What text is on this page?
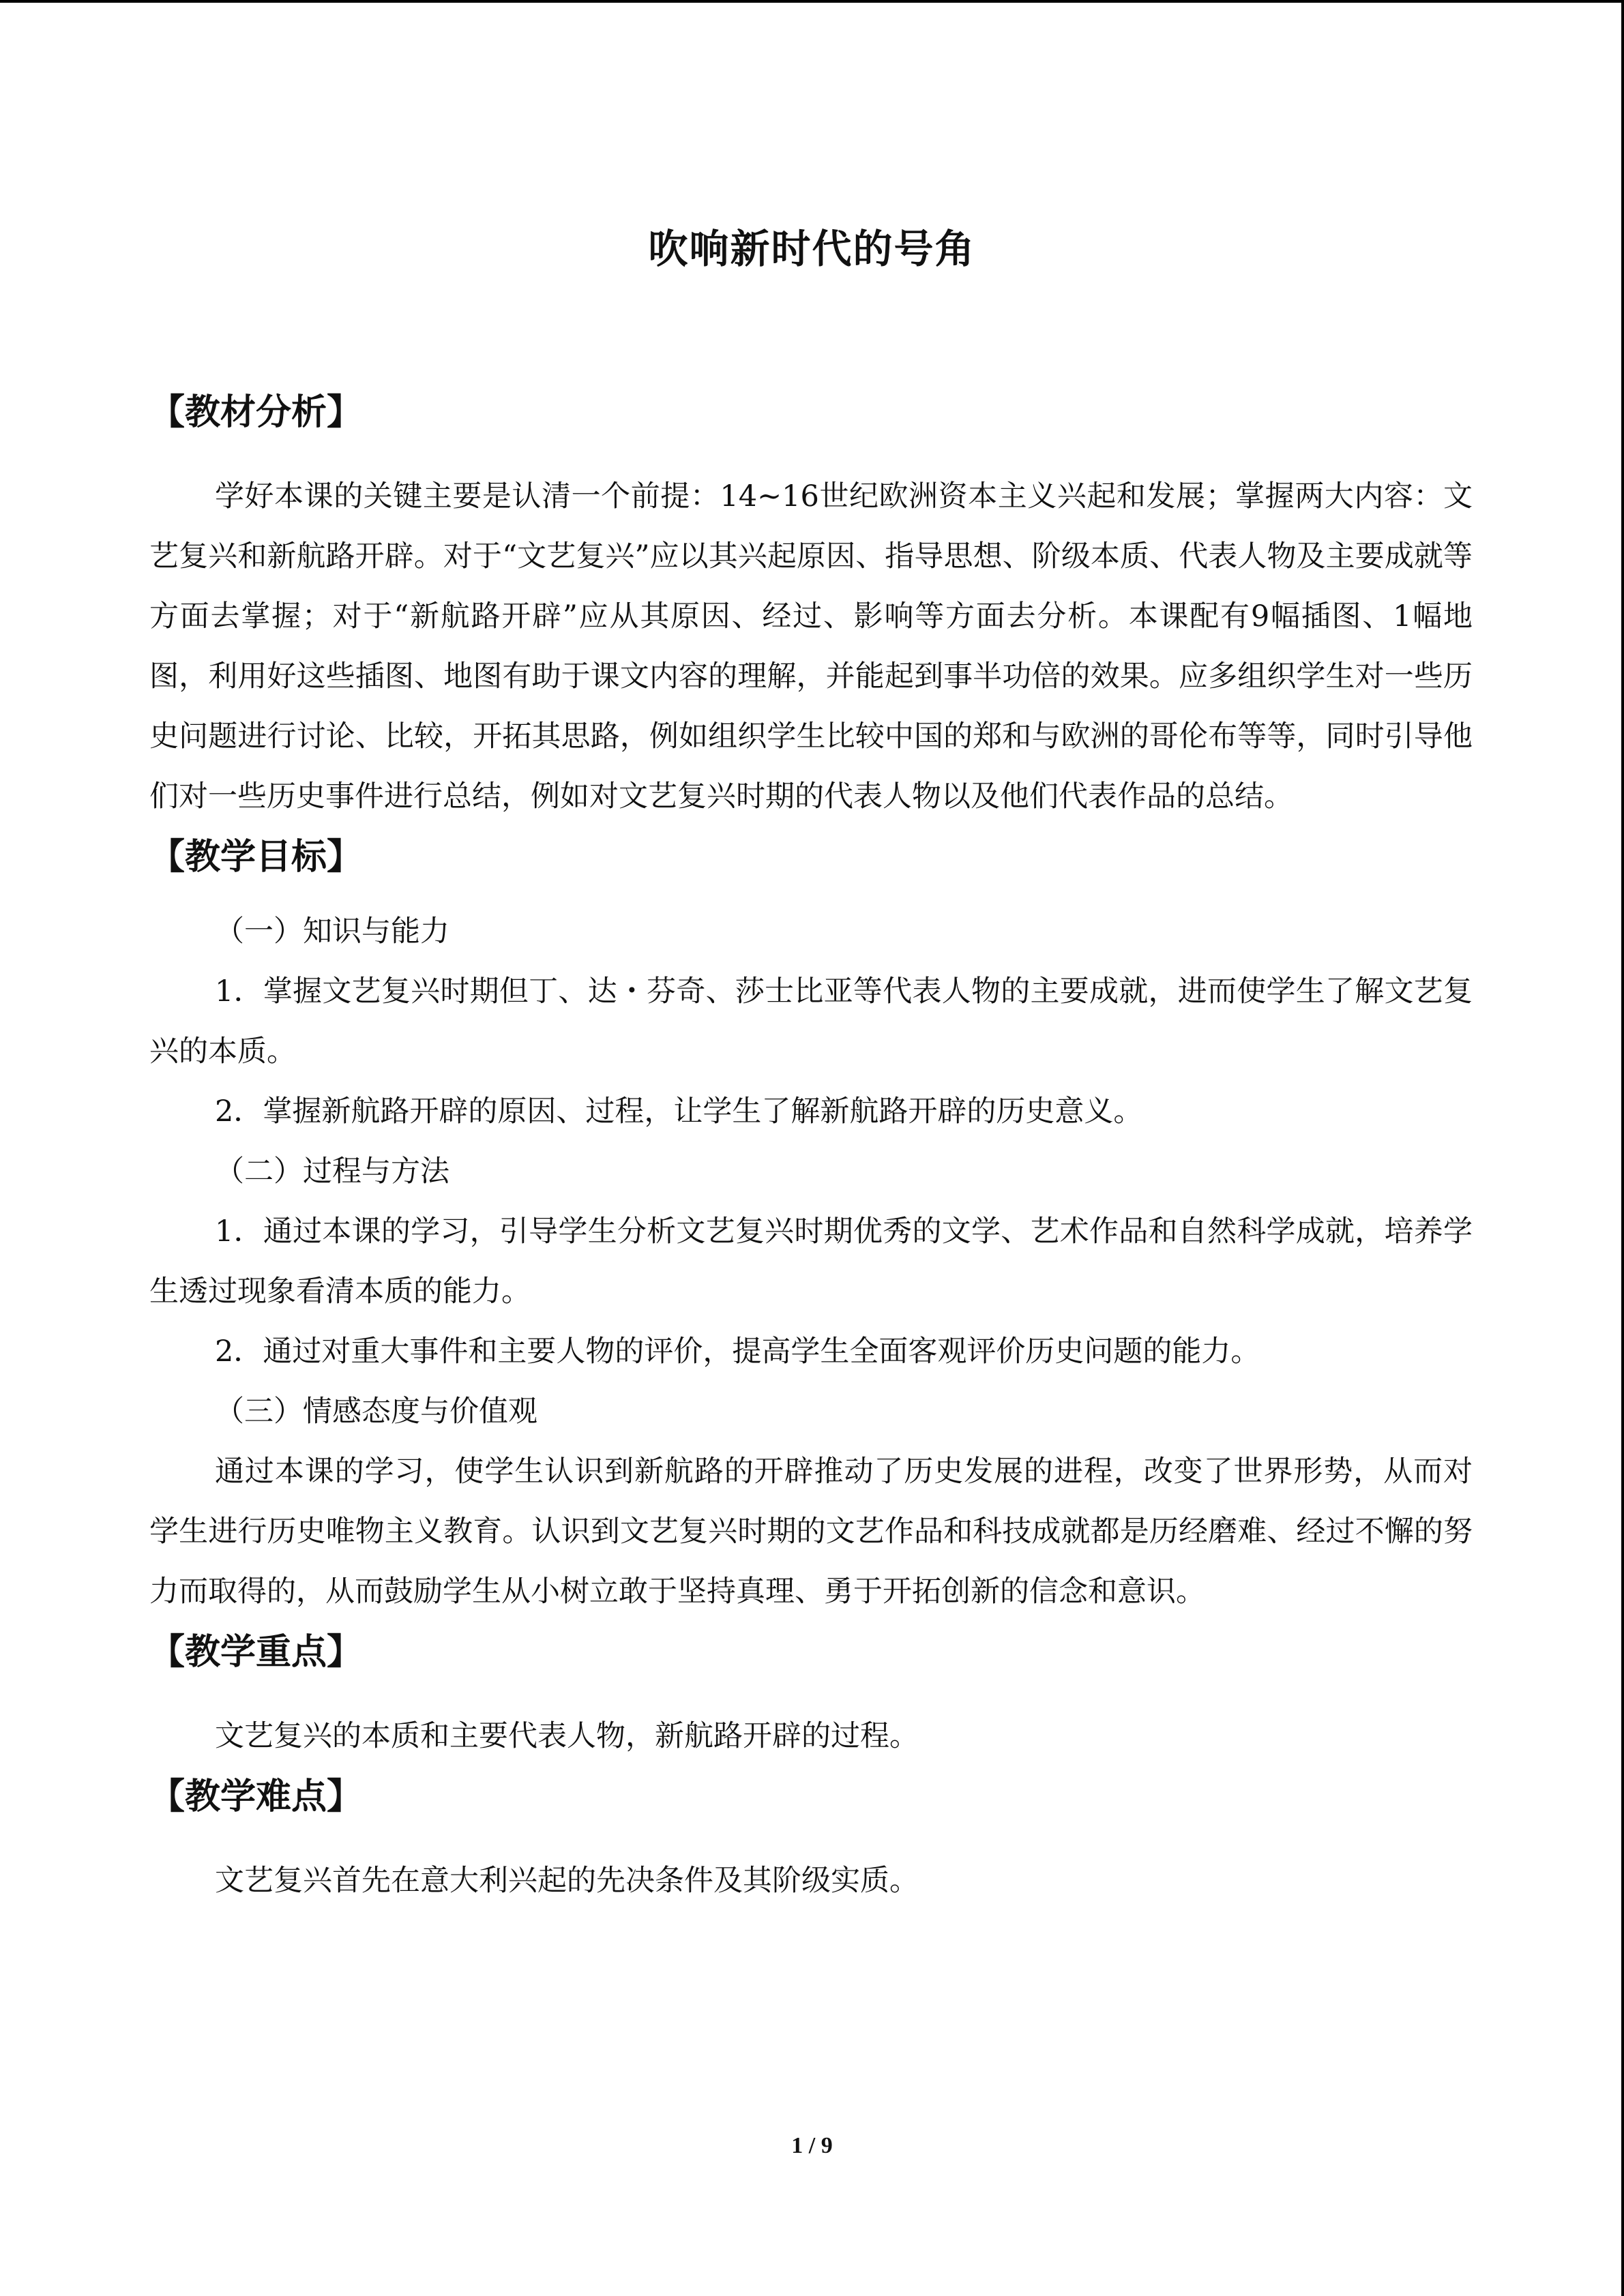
吹响新时代的号角
【教材分析】

学好本课的关键主要是认清一个前提：14~16世纪欧洲资本主义兴起和发展；掌握两大内容：文艺复兴和新航路开辟。对于“文艺复兴”应以其兴起原因、指导思想、阶级本质、代表人物及主要成就等方面去掌握；对于“新航路开辟”应从其原因、经过、影响等方面去分析。本课配有9幅插图、1幅地图，利用好这些插图、地图有助于课文内容的理解，并能起到事半功倍的效果。应多组织学生对一些历史问题进行讨论、比较，开拓其思路，例如组织学生比较中国的郑和与欧洲的哥伦布等等，同时引导他们对一些历史事件进行总结，例如对文艺复兴时期的代表人物以及他们代表作品的总结。

【教学目标】

（一）知识与能力

1．掌握文艺复兴时期但丁、达・芬奇、莎士比亚等代表人物的主要成就，进而使学生了解文艺复兴的本质。

2．掌握新航路开辟的原因、过程，让学生了解新航路开辟的历史意义。

（二）过程与方法

1．通过本课的学习，引导学生分析文艺复兴时期优秀的文学、艺术作品和自然科学成就，培养学生透过现象看清本质的能力。

2．通过对重大事件和主要人物的评价，提高学生全面客观评价历史问题的能力。

（三）情感态度与价值观

通过本课的学习，使学生认识到新航路的开辟推动了历史发展的进程，改变了世界形势，从而对学生进行历史唯物主义教育。认识到文艺复兴时期的文艺作品和科技成就都是历经磨难、经过不懈的努力而取得的，从而鼓励学生从小树立敢于坚持真理、勇于开拓创新的信念和意识。

【教学重点】

文艺复兴的本质和主要代表人物，新航路开辟的过程。

【教学难点】

文艺复兴首先在意大利兴起的先决条件及其阶级实质。

1 / 9
